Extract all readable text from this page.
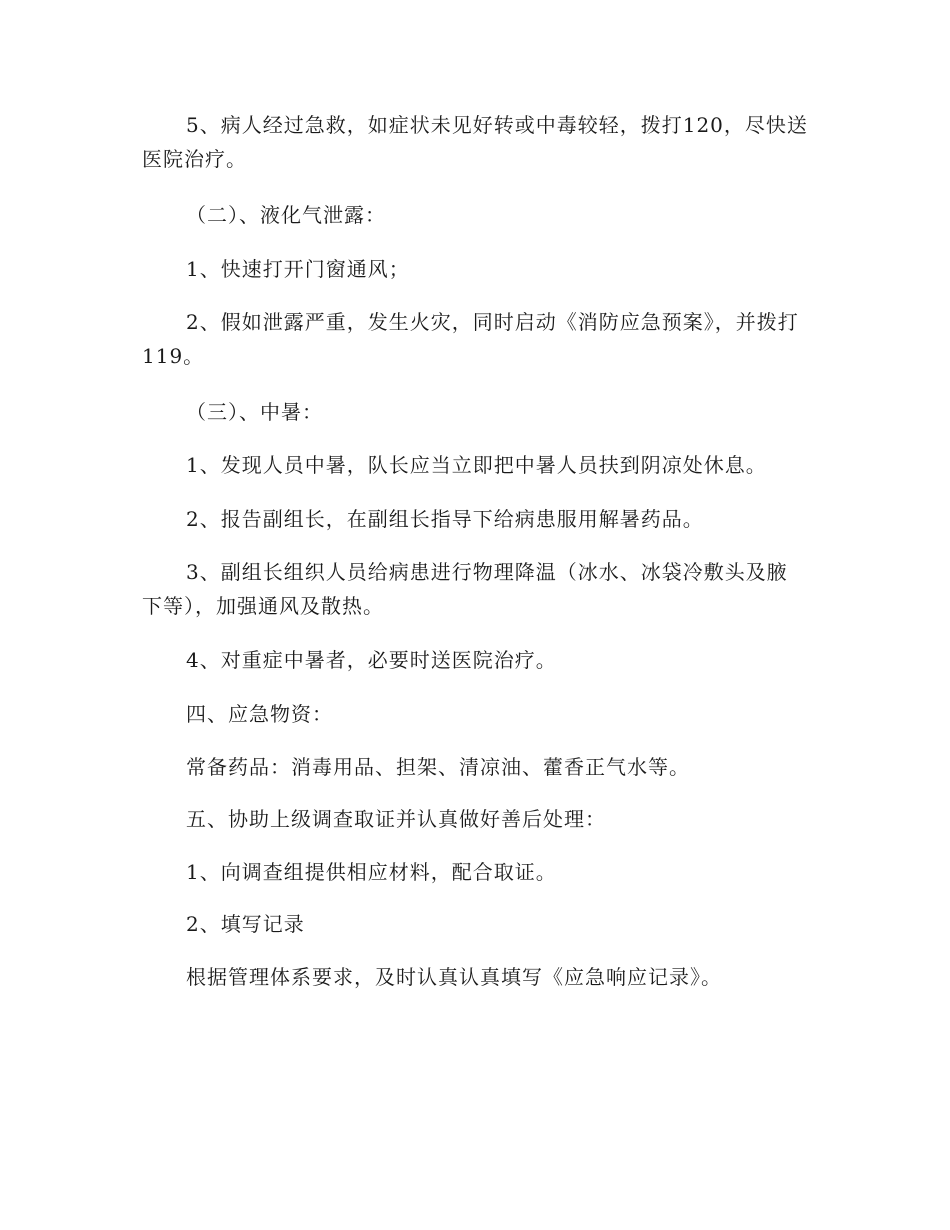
5、病人经过急救，如症状未见好转或中毒较轻，拨打120，尽快送医院治疗。

（二）、液化气泄露：

1、快速打开门窗通风；

2、假如泄露严重，发生火灾，同时启动《消防应急预案》，并拨打119。

（三）、中暑：

1、发现人员中暑，队长应当立即把中暑人员扶到阴凉处休息。

2、报告副组长，在副组长指导下给病患服用解暑药品。

3、副组长组织人员给病患进行物理降温（冰水、冰袋冷敷头及腋下等），加强通风及散热。

4、对重症中暑者，必要时送医院治疗。

四、应急物资：

常备药品：消毒用品、担架、清凉油、藿香正气水等。

五、协助上级调查取证并认真做好善后处理：

1、向调查组提供相应材料，配合取证。

2、填写记录

根据管理体系要求，及时认真认真填写《应急响应记录》。
